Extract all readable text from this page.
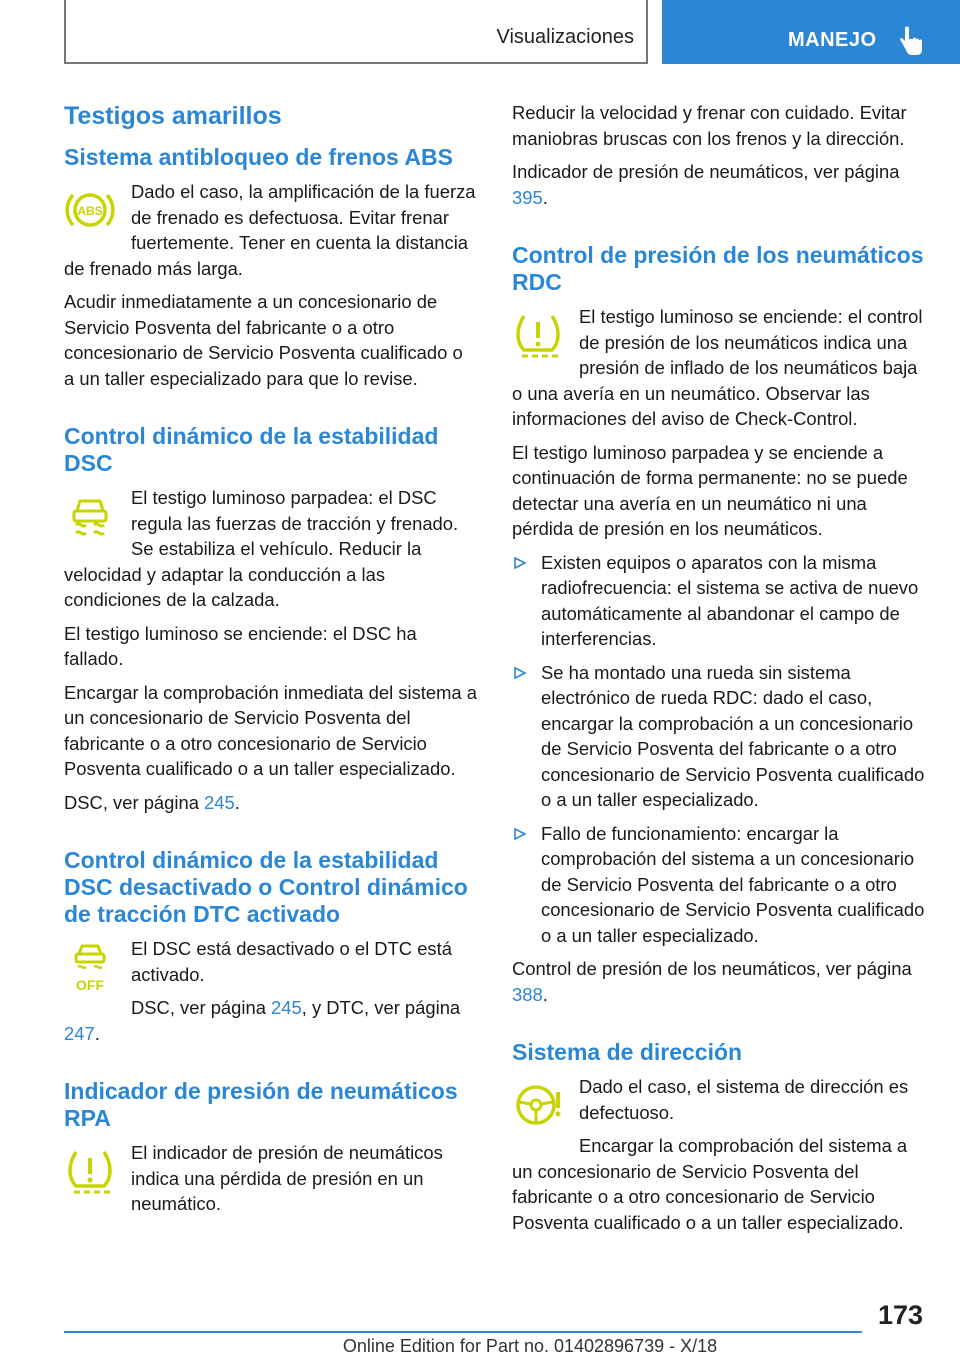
Visualizaciones	MANEJO
Testigos amarillos
Sistema antibloqueo de frenos ABS
ABS

Dado el caso, la amplificación de la fuerza de frenado es defectuosa. Evitar frenar fuertemente. Tener en cuenta la distancia de frenado más larga.

Acudir inmediatamente a un concesionario de Servicio Posventa del fabricante o a otro concesionario de Servicio Posventa cualificado o a un taller especializado para que lo revise.

Control dinámico de la estabilidad DSC

El testigo luminoso parpadea: el DSC regula las fuerzas de tracción y frenado. Se estabiliza el vehículo. Reducir la velocidad y adaptar la conducción a las condiciones de la calzada.

El testigo luminoso se enciende: el DSC ha fallado.

Encargar la comprobación inmediata del sistema a un concesionario de Servicio Posventa del fabricante o a otro concesionario de Servicio Posventa cualificado o a un taller especializado.

DSC, ver página 245.

Control dinámico de la estabilidad DSC desactivado o Control dinámico de tracción DTC activado
OFF

El DSC está desactivado o el DTC está activado.

DSC, ver página 245, y DTC, ver página 247.

Indicador de presión de neumáticos RPA

El indicador de presión de neumáticos indica una pérdida de presión en un neumático.

Reducir la velocidad y frenar con cuidado. Evitar maniobras bruscas con los frenos y la dirección.

Indicador de presión de neumáticos, ver página 395.

Control de presión de los neumáticos RDC

El testigo luminoso se enciende: el control de presión de los neumáticos indica una presión de inflado de los neumáticos baja o una avería en un neumático. Observar las informaciones del aviso de Check-Control.

El testigo luminoso parpadea y se enciende a continuación de forma permanente: no se puede detectar una avería en un neumático ni una pérdida de presión en los neumáticos.

Existen equipos o aparatos con la misma radiofrecuencia: el sistema se activa de nuevo automáticamente al abandonar el campo de interferencias.
Se ha montado una rueda sin sistema electrónico de rueda RDC: dado el caso, encargar la comprobación a un concesionario de Servicio Posventa del fabricante o a otro concesionario de Servicio Posventa cualificado o a un taller especializado.
Fallo de funcionamiento: encargar la comprobación del sistema a un concesionario de Servicio Posventa del fabricante o a otro concesionario de Servicio Posventa cualificado o a un taller especializado.

Control de presión de los neumáticos, ver página 388.

Sistema de dirección

Dado el caso, el sistema de dirección es defectuoso.

Encargar la comprobación del sistema a un concesionario de Servicio Posventa del fabricante o a otro concesionario de Servicio Posventa cualificado o a un taller especializado.

173
Online Edition for Part no. 01402896739 - X/18
